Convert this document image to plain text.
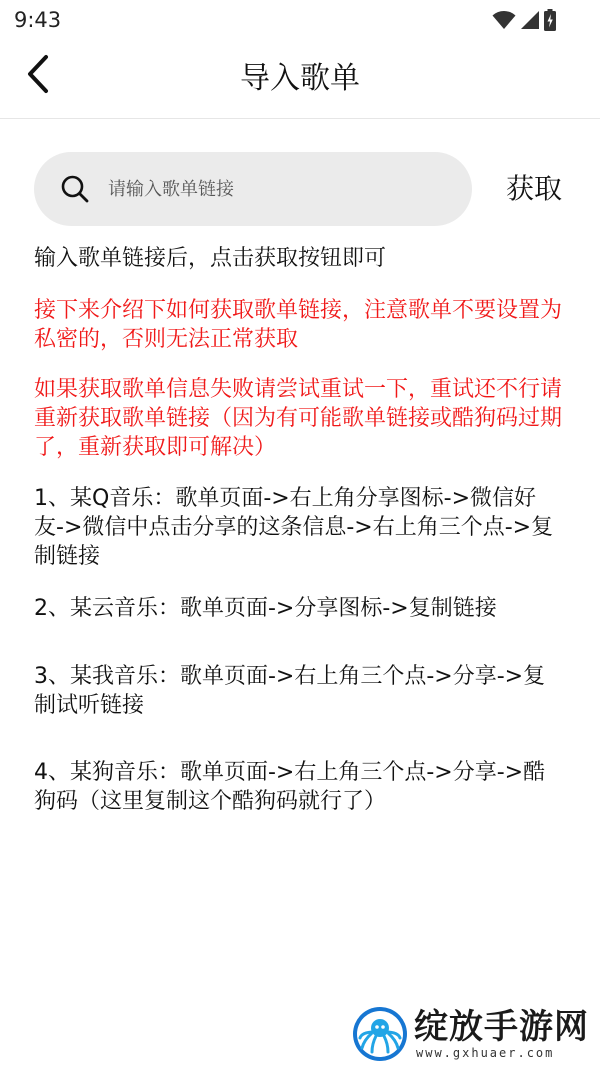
9:43
导入歌单
请输入歌单链接
获取

输入歌单链接后，点击获取按钮即可

接下来介绍下如何获取歌单链接，注意歌单不要设置为私密的，否则无法正常获取

如果获取歌单信息失败请尝试重试一下，重试还不行请重新获取歌单链接（因为有可能歌单链接或酷狗码过期了，重新获取即可解决）

1、某Q音乐：歌单页面->右上角分享图标->微信好友->微信中点击分享的这条信息->右上角三个点->复制链接

2、某云音乐：歌单页面->分享图标->复制链接

3、某我音乐：歌单页面->右上角三个点->分享->复制试听链接

4、某狗音乐：歌单页面->右上角三个点->分享->酷狗码（这里复制这个酷狗码就行了）

绽放手游网
www.gxhuaer.com
